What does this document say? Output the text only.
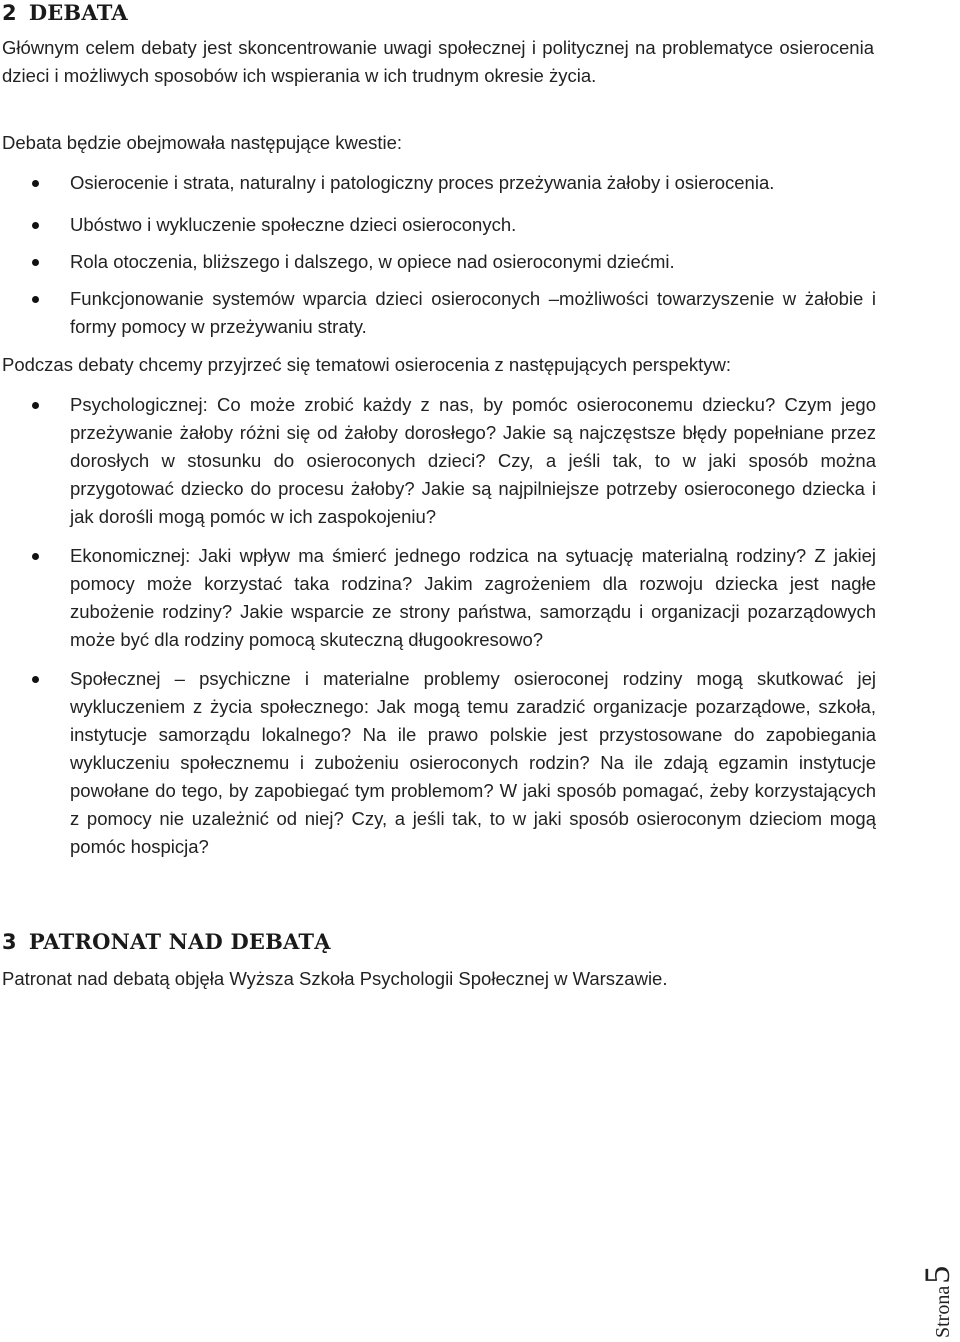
2 DEBATA

Głównym celem debaty jest skoncentrowanie uwagi społecznej i politycznej na problematyce osierocenia dzieci i możliwych sposobów ich wspierania w ich trudnym okresie życia.

Debata będzie obejmowała następujące kwestie:

Osierocenie i strata, naturalny i patologiczny proces przeżywania żałoby i osierocenia.
Ubóstwo i wykluczenie społeczne dzieci osieroconych.
Rola otoczenia, bliższego i dalszego, w opiece nad osieroconymi dziećmi.
Funkcjonowanie systemów wparcia dzieci osieroconych –możliwości towarzyszenie w żałobie i formy pomocy w przeżywaniu straty.

Podczas debaty chcemy przyjrzeć się tematowi osierocenia z następujących perspektyw:

Psychologicznej: Co może zrobić każdy z nas, by pomóc osieroconemu dziecku? Czym jego przeżywanie żałoby różni się od żałoby dorosłego? Jakie są najczęstsze błędy popełniane przez dorosłych w stosunku do osieroconych dzieci? Czy, a jeśli tak, to w jaki sposób można przygotować dziecko do procesu żałoby? Jakie są najpilniejsze potrzeby osieroconego dziecka i jak dorośli mogą pomóc w ich zaspokojeniu?
Ekonomicznej: Jaki wpływ ma śmierć jednego rodzica na sytuację materialną rodziny? Z jakiej pomocy może korzystać taka rodzina? Jakim zagrożeniem dla rozwoju dziecka jest nagłe zubożenie rodziny? Jakie wsparcie ze strony państwa, samorządu i organizacji pozarządowych może być dla rodziny pomocą skuteczną długookresowo?
Społecznej – psychiczne i materialne problemy osieroconej rodziny mogą skutkować jej wykluczeniem z życia społecznego: Jak mogą temu zaradzić organizacje pozarządowe, szkoła, instytucje samorządu lokalnego? Na ile prawo polskie jest przystosowane do zapobiegania wykluczeniu społecznemu i zubożeniu osieroconych rodzin? Na ile zdają egzamin instytucje powołane do tego, by zapobiegać tym problemom? W jaki sposób pomagać, żeby korzystających z pomocy nie uzależnić od niej? Czy, a jeśli tak, to w jaki sposób osieroconym dzieciom mogą pomóc hospicja?
3 PATRONAT NAD DEBATĄ

Patronat nad debatą objęła Wyższa Szkoła Psychologii Społecznej w Warszawie.

Strona5
